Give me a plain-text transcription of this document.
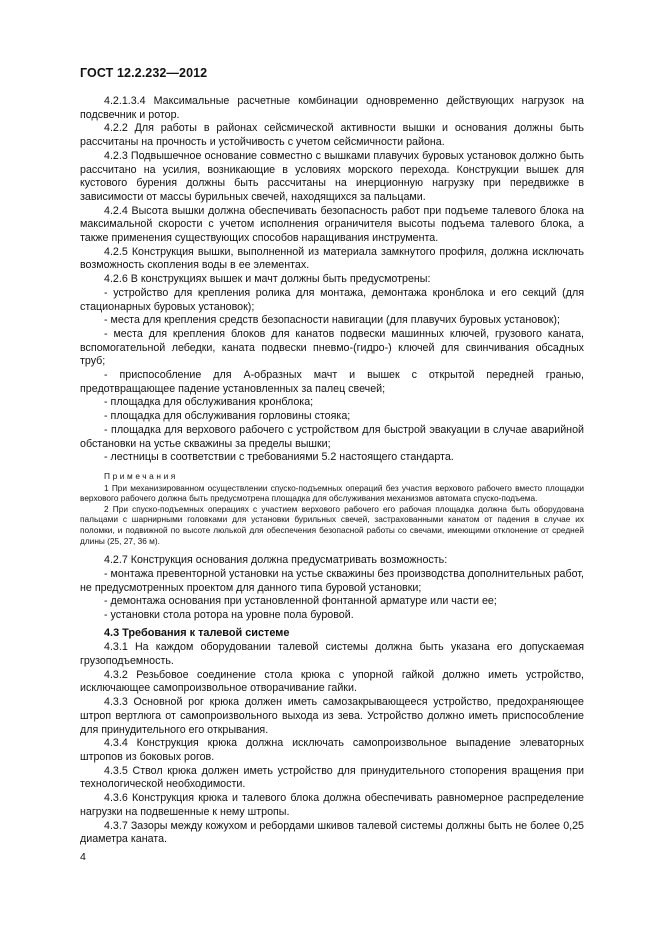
ГОСТ 12.2.232—2012

4.2.1.3.4 Максимальные расчетные комбинации одновременно действующих нагрузок на подсвечник и ротор.

4.2.2 Для работы в районах сейсмической активности вышки и основания должны быть рассчитаны на прочность и устойчивость с учетом сейсмичности района.

4.2.3 Подвышечное основание совместно с вышками плавучих буровых установок должно быть рассчитано на усилия, возникающие в условиях морского перехода. Конструкции вышек для кустового бурения должны быть рассчитаны на инерционную нагрузку при передвижке в зависимости от массы бурильных свечей, находящихся за пальцами.

4.2.4 Высота вышки должна обеспечивать безопасность работ при подъеме талевого блока на максимальной скорости с учетом исполнения ограничителя высоты подъема талевого блока, а также применения существующих способов наращивания инструмента.

4.2.5 Конструкция вышки, выполненной из материала замкнутого профиля, должна исключать возможность скопления воды в ее элементах.

4.2.6 В конструкциях вышек и мачт должны быть предусмотрены:

- устройство для крепления ролика для монтажа, демонтажа кронблока и его секций (для стационарных буровых установок);

- места для крепления средств безопасности навигации (для плавучих буровых установок);

- места для крепления блоков для канатов подвески машинных ключей, грузового каната, вспомогательной лебедки, каната подвески пневмо-(гидро-) ключей для свинчивания обсадных труб;

- приспособление для А-образных мачт и вышек с открытой передней гранью, предотвращающее падение установленных за палец свечей;

- площадка для обслуживания кронблока;

- площадка для обслуживания горловины стояка;

- площадка для верхового рабочего с устройством для быстрой эвакуации в случае аварийной обстановки на устье скважины за пределы вышки;

- лестницы в соответствии с требованиями 5.2 настоящего стандарта.

Примечания

1 При механизированном осуществлении спуско-подъемных операций без участия верхового рабочего вместо площадки верхового рабочего должна быть предусмотрена площадка для обслуживания механизмов автомата спуско-подъема.

2 При спуско-подъемных операциях с участием верхового рабочего его рабочая площадка должна быть оборудована пальцами с шарнирными головками для установки бурильных свечей, застрахованными канатом от падения в случае их поломки, и подвижной по высоте люлькой для обеспечения безопасной работы со свечами, имеющими отклонение от средней длины (25, 27, 36 м).

4.2.7 Конструкция основания должна предусматривать возможность:

- монтажа превенторной установки на устье скважины без производства дополнительных работ, не предусмотренных проектом для данного типа буровой установки;

- демонтажа основания при установленной фонтанной арматуре или части ее;

- установки стола ротора на уровне пола буровой.

4.3 Требования к талевой системе

4.3.1 На каждом оборудовании талевой системы должна быть указана его допускаемая грузоподъемность.

4.3.2 Резьбовое соединение стола крюка с упорной гайкой должно иметь устройство, исключающее самопроизвольное отворачивание гайки.

4.3.3 Основной рог крюка должен иметь самозакрывающееся устройство, предохраняющее штроп вертлюга от самопроизвольного выхода из зева. Устройство должно иметь приспособление для принудительного его открывания.

4.3.4 Конструкция крюка должна исключать самопроизвольное выпадение элеваторных штропов из боковых рогов.

4.3.5 Ствол крюка должен иметь устройство для принудительного стопорения вращения при технологической необходимости.

4.3.6 Конструкция крюка и талевого блока должна обеспечивать равномерное распределение нагрузки на подвешенные к нему штропы.

4.3.7 Зазоры между кожухом и ребордами шкивов талевой системы должны быть не более 0,25 диаметра каната.

4
